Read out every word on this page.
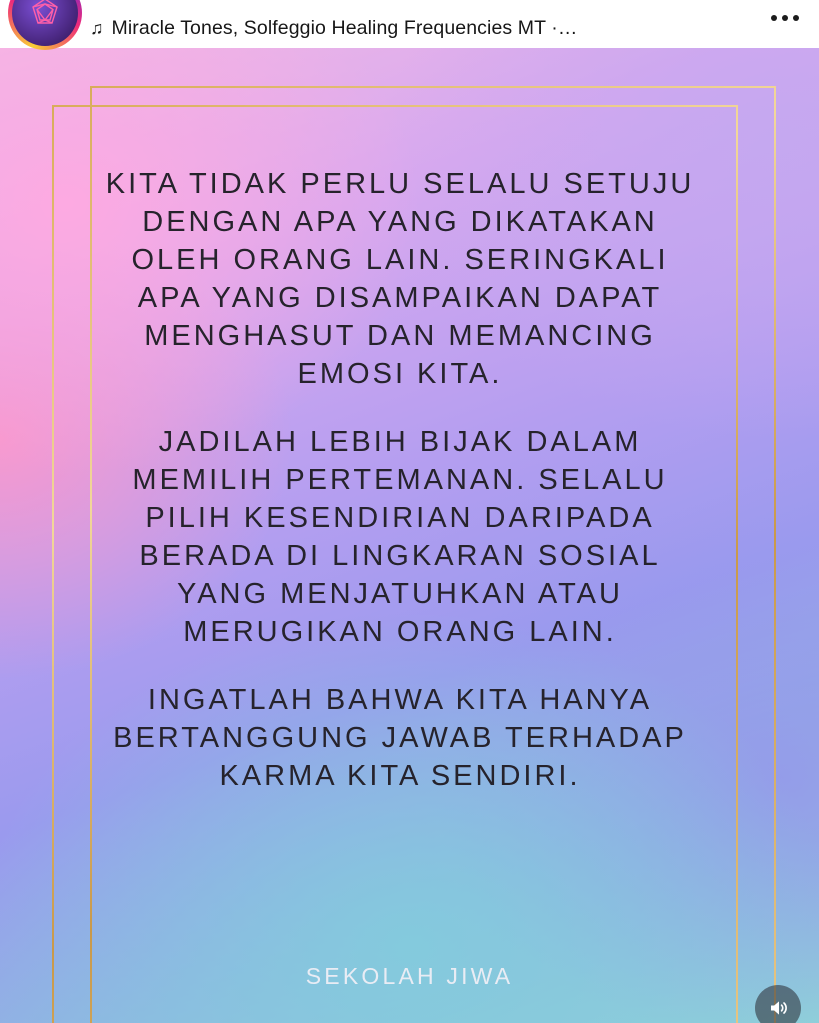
♫ Miracle Tones, Solfeggio Healing Frequencies MT ·…

KITA TIDAK PERLU SELALU SETUJU DENGAN APA YANG DIKATAKAN OLEH ORANG LAIN. SERINGKALI APA YANG DISAMPAIKAN DAPAT MENGHASUT DAN MEMANCING EMOSI KITA.

JADILAH LEBIH BIJAK DALAM MEMILIH PERTEMANAN. SELALU PILIH KESENDIRIAN DARIPADA BERADA DI LINGKARAN SOSIAL YANG MENJATUHKAN ATAU MERUGIKAN ORANG LAIN.

INGATLAH BAHWA KITA HANYA BERTANGGUNG JAWAB TERHADAP KARMA KITA SENDIRI.

SEKOLAH JIWA
